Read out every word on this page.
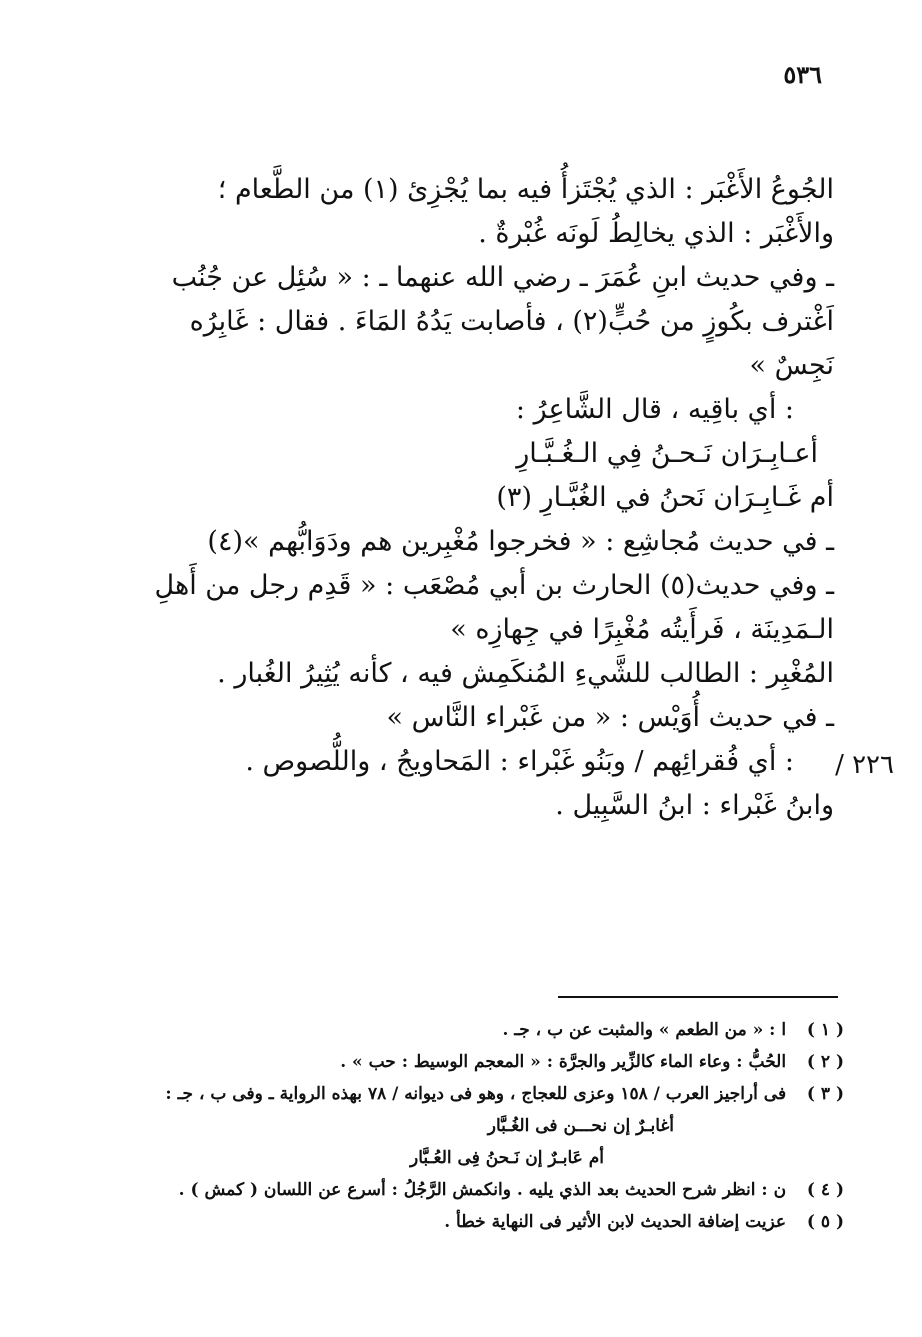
٥٣٦
الجُوعُ الأَغْبَر : الذي يُجْتَزأُ فيه بما يُجْزِئ (١) من الطَّعام ؛
والأَغْبَر : الذي يخالِطُ لَونَه غُبْرةٌ .
ـ وفي حديث ابنِ عُمَرَ ـ رضي الله عنهما ـ : « سُئِل عن جُنُب
اَغْترف بكُوزٍ من حُبٍّ(٢) ، فأصابت يَدُهُ المَاءَ . فقال : غَابِرُه
نَجِسٌ »
: أي باقِيه ، قال الشَّاعِرُ :
أعـابِـرَان نَـحـنُ فِي الـغُـبَّـارِ
أم غَـابِـرَان نَحنُ في الغُبَّـارِ (٣)
ـ في حديث مُجاشِع : « فخرجوا مُغْبِرين هم ودَوَابُّهم »(٤)
ـ وفي حديث(٥) الحارث بن أبي مُصْعَب : « قَدِم رجل من أَهلِ
الـمَدِينَة ، فَرأَيتُه مُغْبِرًا في جِهازِه »
المُغْبِر : الطالب للشَّيءِ المُنكَمِش فيه ، كأنه يُثِيرُ الغُبار .
ـ في حديث أُوَيْس : « من غَبْراء النَّاس »
: أي فُقرائِهم / وبَنُو غَبْراء : المَحاويجُ ، واللُّصوص .
وابنُ غَبْراء : ابنُ السَّبِيل .
٢٢٦ /
( ١ ) ا : « من الطعم » والمثبت عن ب ، جـ .
( ٢ ) الحُبُّ : وعاء الماء كالزِّير والجرَّة : « المعجم الوسيط : حب » .
( ٣ ) فى أراجيز العرب / ١٥٨ وعزى للعجاج ، وهو فى ديوانه / ٧٨ بهذه الرواية ـ وفى ب ، جـ :
أغابـرٌ إن نحـــن فى الغُـبَّار
أم عَابـرٌ إن نَـحنُ فِى العُـبَّار
( ٤ ) ن : انظر شرح الحديث بعد الذي يليه . وانكمش الرَّجُلُ : أسرع عن اللسان ( كمش ) .
( ٥ ) عزيت إضافة الحديث لابن الأثير فى النهاية خطأ .
